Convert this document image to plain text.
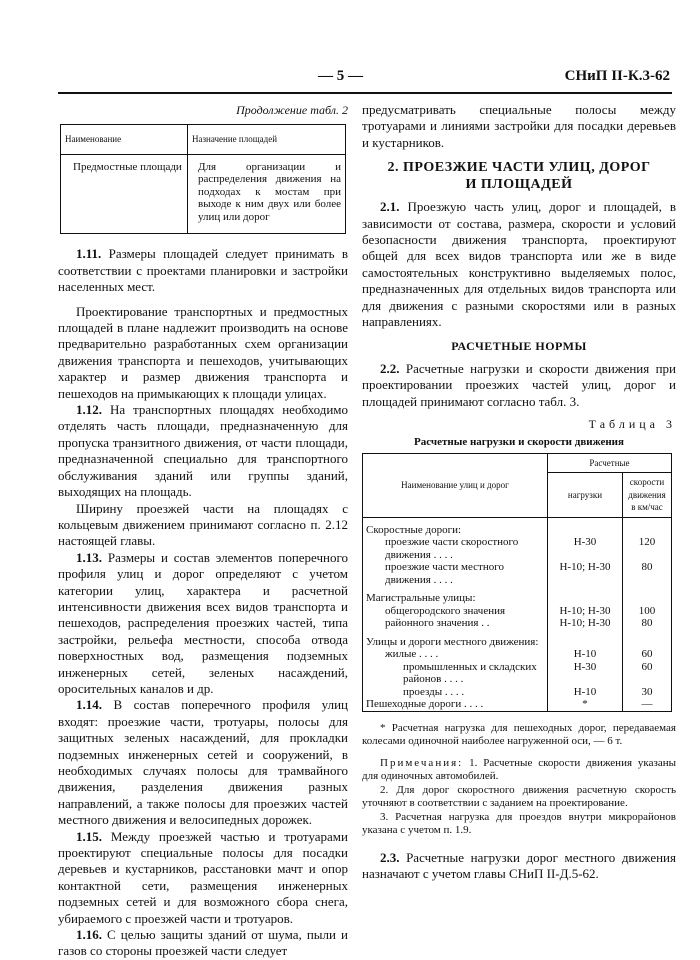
— 5 —	СНиП II-К.3-62
Продолжение табл. 2
Наименование	Назначение площадей
Предмостные площади	Для организации и распределения движения на подходах к мостам при выходе к ним двух или более улиц или дорог

1.11. Размеры площадей следует принимать в соответствии с проектами планировки и застройки населенных мест.

Проектирование транспортных и предмостных площадей в плане надлежит производить на основе предварительно разработанных схем организации движения транспорта и пешеходов, учитывающих характер и размер движения транспорта и пешеходов на примыкающих к площади улицах.

1.12. На транспортных площадях необходимо отделять часть площади, предназначенную для пропуска транзитного движения, от части площади, предназначенной специально для транспортного обслуживания зданий или группы зданий, выходящих на площадь.

Ширину проезжей части на площадях с кольцевым движением принимают согласно п. 2.12 настоящей главы.

1.13. Размеры и состав элементов поперечного профиля улиц и дорог определяют с учетом категории улиц, характера и расчетной интенсивности движения всех видов транспорта и пешеходов, распределения проезжих частей, типа застройки, рельефа местности, способа отвода поверхностных вод, размещения подземных инженерных сетей, зеленых насаждений, оросительных каналов и др.

1.14. В состав поперечного профиля улиц входят: проезжие части, тротуары, полосы для защитных зеленых насаждений, для прокладки подземных инженерных сетей и сооружений, в необходимых случаях полосы для трамвайного движения, разделения движения разных направлений, а также полосы для проезжих частей местного движения и велосипедных дорожек.

1.15. Между проезжей частью и тротуарами проектируют специальные полосы для посадки деревьев и кустарников, расстановки мачт и опор контактной сети, размещения инженерных подземных сетей и для возможного сбора снега, убираемого с проезжей части и тротуаров.

1.16. С целью защиты зданий от шума, пыли и газов со стороны проезжей части следует

предусматривать специальные полосы между тротуарами и линиями застройки для посадки деревьев и кустарников.

2. ПРОЕЗЖИЕ ЧАСТИ УЛИЦ, ДОРОГ
И ПЛОЩАДЕЙ

2.1. Проезжую часть улиц, дорог и площадей, в зависимости от состава, размера, скорости и условий безопасности движения транспорта, проектируют общей для всех видов транспорта или же в виде самостоятельных конструктивно выделяемых полос, предназначенных для отдельных видов транспорта или для движения с разными скоростями или в разных направлениях.

РАСЧЕТНЫЕ НОРМЫ

2.2. Расчетные нагрузки и скорости движения при проектировании проезжих частей улиц, дорог и площадей принимают согласно табл. 3.

Таблица 3
Расчетные нагрузки и скорости движения
Наименование улиц и дорог	Расчетные	
	нагрузки	скорости движения в км/час
Скоростные дороги:		
проезжие части скоростного движения . . . .	Н-30	120
проезжие части местного движения . . . .	Н-10; Н-30	80
Магистральные улицы:		
общегородского значения	Н-10; Н-30	100
районного значения . .	Н-10; Н-30	80
Улицы и дороги местного движения:		
жилые . . . .	Н-10	60
промышленных и складских районов . . . .	Н-30	60
проезды . . . .	Н-10	30
Пешеходные дороги . . . .	*	—

* Расчетная нагрузка для пешеходных дорог, передаваемая колесами одиночной наиболее нагруженной оси, — 6 т.

Примечания: 1. Расчетные скорости движения указаны для одиночных автомобилей.

2. Для дорог скоростного движения расчетную скорость уточняют в соответствии с заданием на проектирование.

3. Расчетная нагрузка для проездов внутри микрорайонов указана с учетом п. 1.9.

2.3. Расчетные нагрузки дорог местного движения назначают с учетом главы СНиП II-Д.5-62.
